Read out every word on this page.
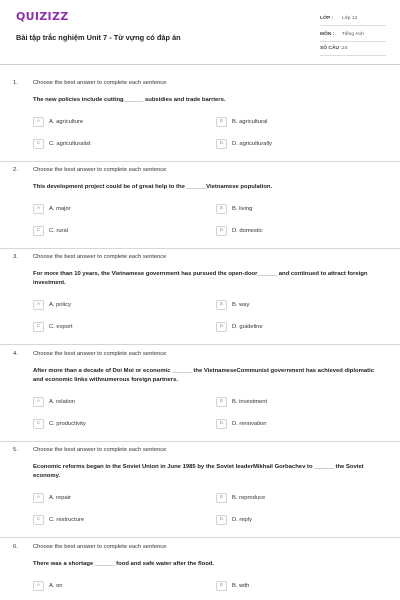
QUIZIZZ
Bài tập trắc nghiệm Unit 7 - Từ vựng có đáp án
LỚP : Lớp 12
MÔN : Tiếng Anh
SỐ CÂU : 24
1.	Choose the best answer to complete each sentence
The new policies include cutting______ subsidies and trade barriers.
A	A. agriculture	B	B. agricultural
C	C. agriculturalist	D	D. agriculturally
2.	Choose the best answer to complete each sentence
This development project could be of great help to the ______Vietnamese population.
A	A. major	B	B. living
C	C. rural	D	D. domestic
3.	Choose the best answer to complete each sentence
For more than 10 years, the Vietnamese government has pursued the open-door______ and continued to attract foreign investment.
A	A. policy	B	B. way
C	C. export	D	D. guideline
4.	Choose the best answer to complete each sentence
After more than a decade of Doi Moi or economic ______ the VietnameseCommunist government has achieved diplomatic and economic links withnumerous foreign partners.
A	A. relation	B	B. investment
C	C. productivity	D	D. renovation
5.	Choose the best answer to complete each sentence
Economic reforms began in the Soviet Union in June 1985 by the Soviet leaderMikhail Gorbachev to ______ the Soviet economy.
A	A. repair	B	B. reproduce
C	C. restructure	D	D. reply
6.	Choose the best answer to complete each sentence
There was a shortage ______ food and safe water after the flood.
A	A. on	B	B. with
